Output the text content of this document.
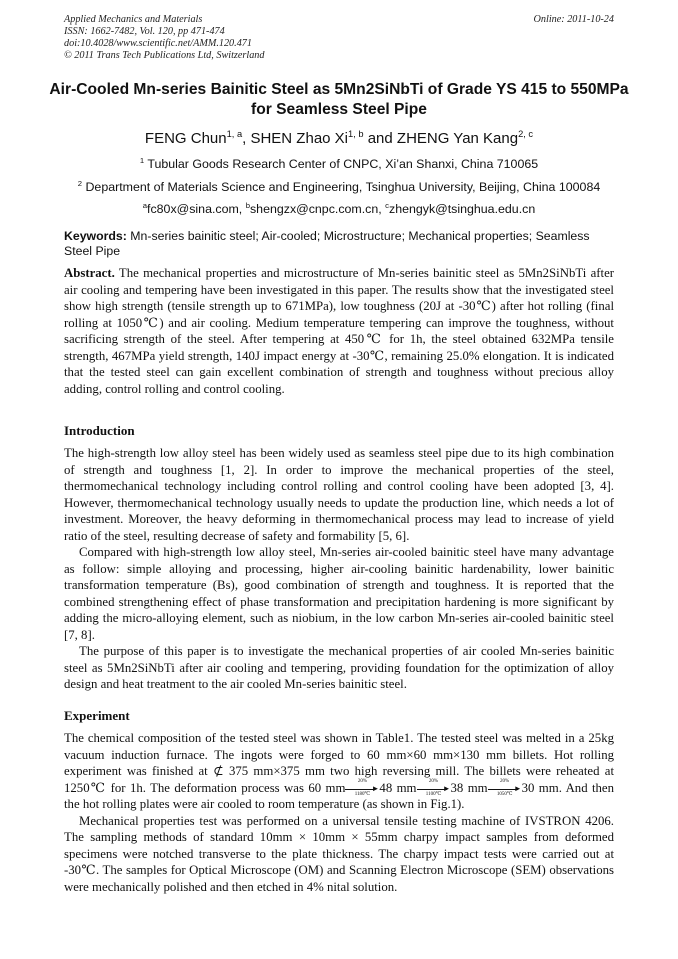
Applied Mechanics and Materials
ISSN: 1662-7482, Vol. 120, pp 471-474
doi:10.4028/www.scientific.net/AMM.120.471
© 2011 Trans Tech Publications Ltd, Switzerland
Online: 2011-10-24
Air-Cooled Mn-series Bainitic Steel as 5Mn2SiNbTi of Grade YS 415 to 550MPa for Seamless Steel Pipe
FENG Chun$^{1, a}$, SHEN Zhao Xi$^{1, b}$ and ZHENG Yan Kang$^{2, c}$
$^1$ Tubular Goods Research Center of CNPC, Xi’an Shanxi, China 710065
$^2$ Department of Materials Science and Engineering, Tsinghua University, Beijing, China 100084
$^a$fc80x@sina.com, $^b$shengzx@cnpc.com.cn, $^c$zhengyk@tsinghua.edu.cn
Keywords: Mn-series bainitic steel; Air-cooled; Microstructure; Mechanical properties; Seamless Steel Pipe

Abstract. The mechanical properties and microstructure of Mn-series bainitic steel as 5Mn2SiNbTi after air cooling and tempering have been investigated in this paper. The results show that the investigated steel show high strength (tensile strength up to 671MPa), low toughness (20J at -30℃) after hot rolling (final rolling at 1050℃) and air cooling. Medium temperature tempering can improve the toughness, without sacrificing strength of the steel. After tempering at 450℃ for 1h, the steel obtained 632MPa tensile strength, 467MPa yield strength, 140J impact energy at -30℃, remaining 25.0% elongation. It is indicated that the tested steel can gain excellent combination of strength and toughness without precious alloy adding, control rolling and control cooling.

Introduction

The high-strength low alloy steel has been widely used as seamless steel pipe due to its high combination of strength and toughness [1, 2]. In order to improve the mechanical properties of the steel, thermomechanical technology including control rolling and control cooling have been adopted [3, 4]. However, thermomechanical technology usually needs to update the production line, which needs a lot of investment. Moreover, the heavy deforming in thermomechanical process may lead to increase of yield ratio of the steel, resulting decrease of safety and formability [5, 6].

Compared with high-strength low alloy steel, Mn-series air-cooled bainitic steel have many advantage as follow: simple alloying and processing, higher air-cooling bainitic hardenability, lower bainitic transformation temperature (Bs), good combination of strength and toughness. It is reported that the combined strengthening effect of phase transformation and precipitation hardening is more significant by adding the micro-alloying element, such as niobium, in the low carbon Mn-series air-cooled bainitic steel [7, 8].

The purpose of this paper is to investigate the mechanical properties of air cooled Mn-series bainitic steel as 5Mn2SiNbTi after air cooling and tempering, providing foundation for the optimization of alloy design and heat treatment to the air cooled Mn-series bainitic steel.

Experiment

The chemical composition of the tested steel was shown in Table1. The tested steel was melted in a 25kg vacuum induction furnace. The ingots were forged to 60 mm×60 mm×130 mm billets. Hot rolling experiment was finished at ⊄ 375 mm×375 mm two high reversing mill. The billets were reheated at 1250℃ for 1h. The deformation process was 60 mm	20%
►
1180℃ 48 mm	20%
►
1100℃ 38 mm	20%
►
1050℃ 30 mm. And then the hot rolling plates were air cooled to room temperature (as shown in Fig.1).

Mechanical properties test was performed on a universal tensile testing machine of IVSTRON 4206. The sampling methods of standard 10mm × 10mm × 55mm charpy impact samples from deformed specimens were notched transverse to the plate thickness. The charpy impact tests were carried out at -30℃. The samples for Optical Microscope (OM) and Scanning Electron Microscope (SEM) observations were mechanically polished and then etched in 4% nital solution.
